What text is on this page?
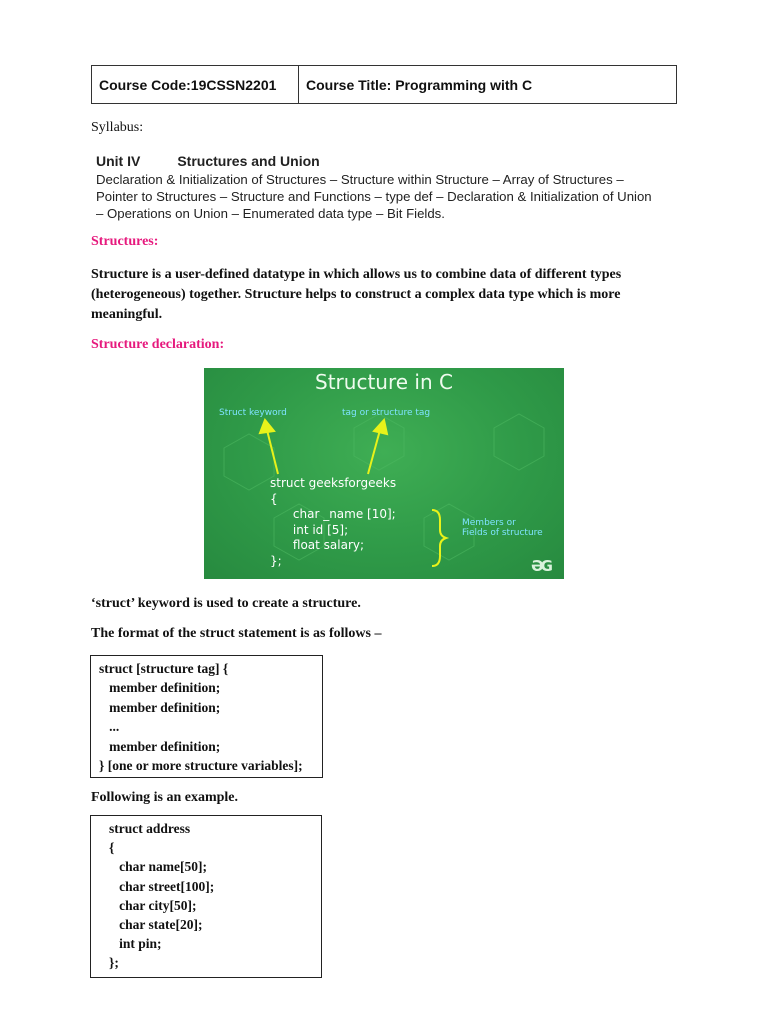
Course Code:19CSSN2201	Course Title: Programming with C
Syllabus:
Unit IV	Structures and Union
Declaration & Initialization of Structures – Structure within Structure – Array of Structures –
Pointer to Structures – Structure and Functions – type def – Declaration & Initialization of Union
– Operations on Union – Enumerated data type – Bit Fields.
Structures:
Structure is a user-defined datatype in which allows us to combine data of different types
(heterogeneous) together. Structure helps to construct a complex data type which is more
meaningful.
Structure declaration:
Structure in C
Struct keyword	tag or structure tag
struct geeksforgeeks
{
char _name [10];
int id [5];
float salary;
};
Members or
Fields of structure
ƏG
‘struct’ keyword is used to create a structure.
The format of the struct statement is as follows –
struct [structure tag] {
member definition;
member definition;
...
member definition;
} [one or more structure variables];
Following is an example.
struct address
{
char name[50];
char street[100];
char city[50];
char state[20];
int pin;
};
